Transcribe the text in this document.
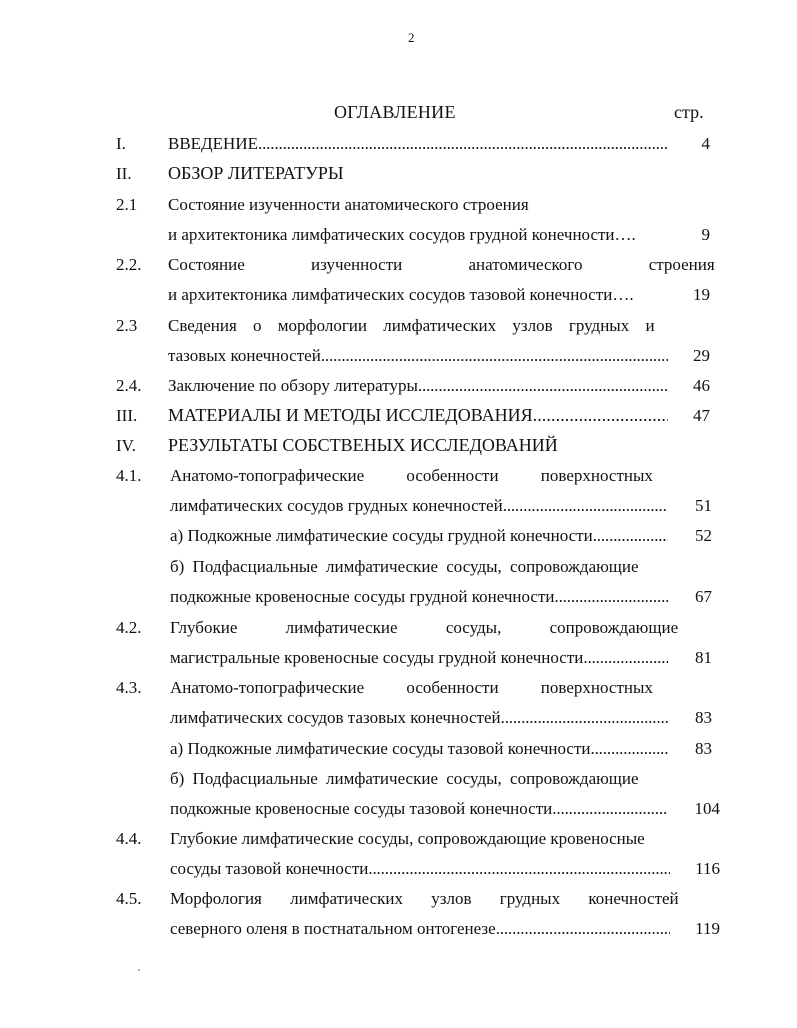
2
ОГЛАВЛЕНИЕ	стр.
I. ВВЕДЕНИЕ . . .	4
II. ОБЗОР ЛИТЕРАТУРЫ
2.1 Состояние изученности анатомического строения
и архитектоника лимфатических сосудов грудной конечности….	9
2.2. Состояние изученности анатомического строения
и архитектоника лимфатических сосудов тазовой конечности….	19
2.3 Сведения о морфологии лимфатических узлов грудных и
тазовых конечностей . . .	29
2.4. Заключение по обзору литературы . . .	46
III. МАТЕРИАЛЫ И МЕТОДЫ ИССЛЕДОВАНИЯ . . .	47
IV. РЕЗУЛЬТАТЫ СОБСТВЕНЫХ ИССЛЕДОВАНИЙ
4.1. Анатомо-топографические особенности поверхностных
лимфатических сосудов грудных конечностей . . .	51
а) Подкожные лимфатические сосуды грудной конечности . . .	52
б) Подфасциальные лимфатические сосуды, сопровождающие
подкожные кровеносные сосуды грудной конечности . . .	67
4.2. Глубокие лимфатические сосуды, сопровождающие
магистральные кровеносные сосуды грудной конечности . . .	81
4.3. Анатомо-топографические особенности поверхностных
лимфатических сосудов тазовых конечностей . . .	83
а) Подкожные лимфатические сосуды тазовой конечности . . .	83
б) Подфасциальные лимфатические сосуды, сопровождающие
подкожные кровеносные сосуды тазовой конечности . . .	104
4.4. Глубокие лимфатические сосуды, сопровождающие кровеносные
сосуды тазовой конечности . . .	116
4.5. Морфология лимфатических узлов грудных конечностей
северного оленя в постнатальном онтогенезе . . .	119
